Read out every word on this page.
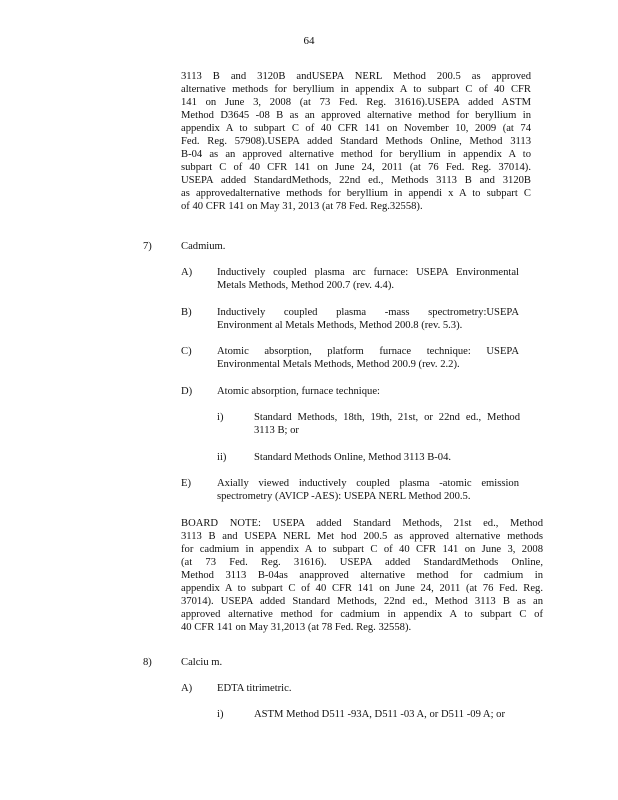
64
3113 B and 3120B andUSEPA NERL Method 200.5 as approved
alternative methods for beryllium in appendix A to subpart C of 40 CFR
141 on June 3, 2008 (at 73 Fed. Reg. 31616).USEPA added ASTM
Method D3645 -08 B as an approved alternative method for beryllium in
appendix A to subpart C of 40 CFR 141 on November 10, 2009 (at 74
Fed. Reg. 57908).USEPA added Standard Methods Online, Method 3113
B-04 as an approved alternative method for beryllium in appendix A to
subpart C of 40 CFR 141 on June 24, 2011 (at 76 Fed. Reg. 37014).
USEPA added StandardMethods, 22nd ed., Methods 3113 B and 3120B
as approvedalternative methods for beryllium in appendi x A to subpart C
of 40 CFR 141 on May 31, 2013 (at 78 Fed. Reg.32558).
7)	Cadmium.
A) Inductively coupled plasma arc furnace: USEPA Environmental
Metals Methods, Method 200.7 (rev. 4.4).
B) Inductively coupled plasma -mass spectrometry:USEPA
Environment al Metals Methods, Method 200.8 (rev. 5.3).
C) Atomic absorption, platform furnace technique: USEPA
Environmental Metals Methods, Method 200.9 (rev. 2.2).
D) Atomic absorption, furnace technique:
i)	Standard Methods, 18th, 19th, 21st, or 22nd ed., Method
3113 B; or
ii)	Standard Methods Online, Method 3113 B-04.
E) Axially viewed inductively coupled plasma -atomic emission
spectrometry (AVICP -AES): USEPA NERL Method 200.5.
BOARD NOTE: USEPA added Standard Methods, 21st ed., Method
3113 B and USEPA NERL Met hod 200.5 as approved alternative methods
for cadmium in appendix A to subpart C of 40 CFR 141 on June 3, 2008
(at 73 Fed. Reg. 31616). USEPA added StandardMethods Online,
Method 3113 B-04as anapproved alternative method for cadmium in
appendix A to subpart C of 40 CFR 141 on June 24, 2011 (at 76 Fed. Reg.
37014). USEPA added Standard Methods, 22nd ed., Method 3113 B as an
approved alternative method for cadmium in appendix A to subpart C of
40 CFR 141 on May 31,2013 (at 78 Fed. Reg. 32558).
8)	Calciu m.
A) EDTA titrimetric.
i)	ASTM Method D511 -93A, D511 -03 A, or D511 -09 A; or
